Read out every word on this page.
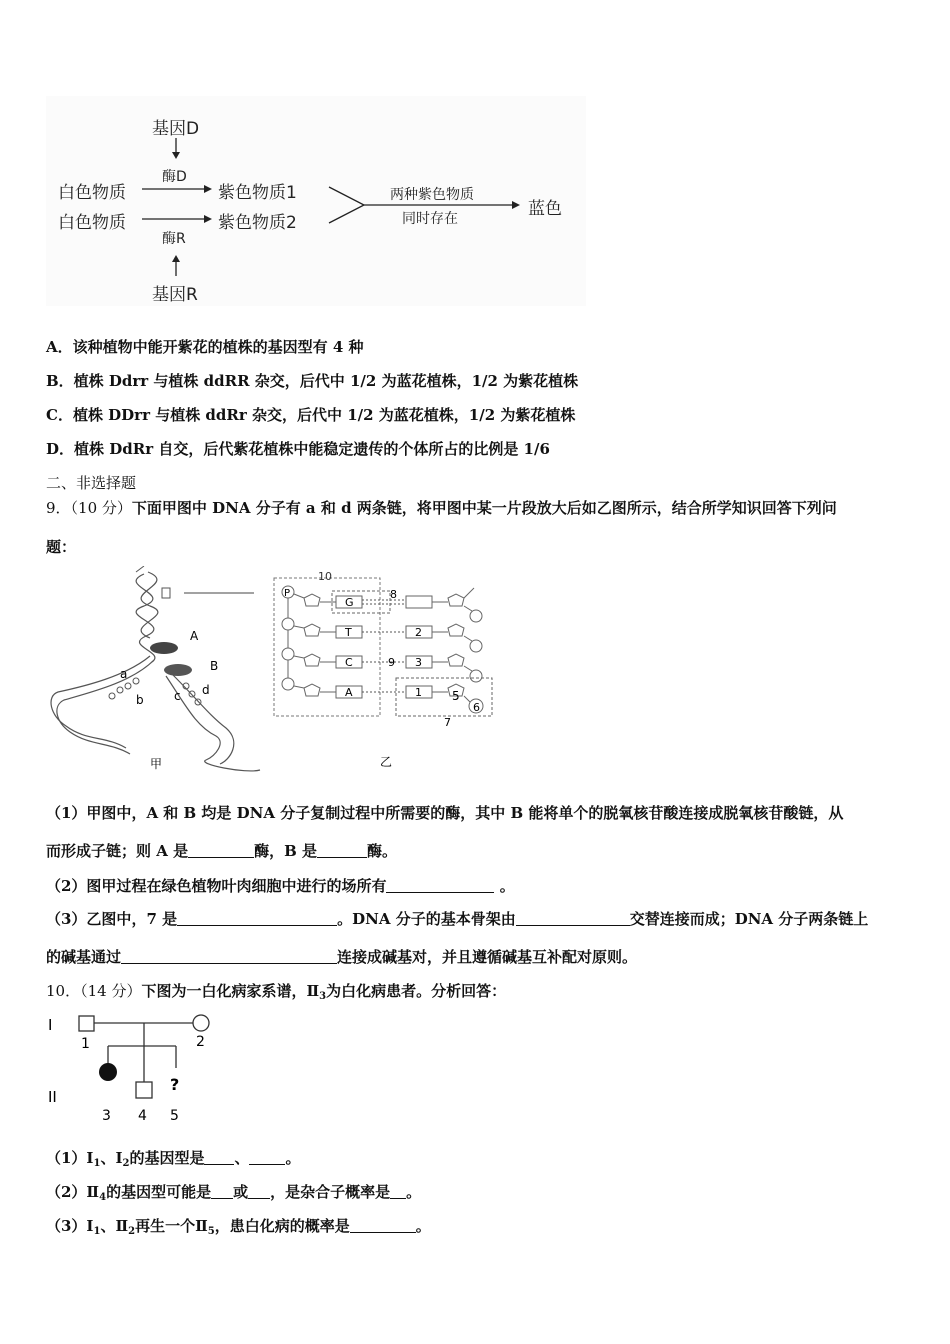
基因D
酶D
白色物质
白色物质
紫色物质1
紫色物质2
酶R
基因R
两种紫色物质
同时存在	蓝色
A．该种植物中能开紫花的植株的基因型有 4 种
B．植株 Ddrr 与植株 ddRR 杂交，后代中 1/2 为蓝花植株，1/2 为紫花植株
C．植株 DDrr 与植株 ddRr 杂交，后代中 1/2 为蓝花植株，1/2 为紫花植株
D．植株 DdRr 自交，后代紫花植株中能稳定遗传的个体所占的比例是 1/6
二、非选择题
9．（10 分）下面甲图中 DNA 分子有 a 和 d 两条链，将甲图中某一片段放大后如乙图所示，结合所学知识回答下列问
题：
A
B
a
b	c d
甲
10
P
G
T
C
A
8
9
2
3
1	5
6
7
乙
（1）甲图中，A 和 B 均是 DNA 分子复制过程中所需要的酶，其中 B 能将单个的脱氧核苷酸连接成脱氧核苷酸链，从
而形成子链；则 A 是	酶，B 是	酶。
（2）图甲过程在绿色植物叶肉细胞中进行的场所有	。
（3）乙图中，7 是	。DNA 分子的基本骨架由	交替连接而成；DNA 分子两条链上
的碱基通过	连接成碱基对，并且遵循碱基互补配对原则。
10．（14 分）下图为一白化病家系谱，$Ⅱ_3$为白化病患者。分析回答：
I
II
1	2
3 4 5
?
$(1)Ⅰ_1$、$Ⅰ_2$的基因型是 、 。
$(2)Ⅱ_4$的基因型可能是 或 ，是杂合子概率是 。
$(3)Ⅰ_1$、$Ⅱ_2$再生一个$Ⅱ_5$，患白化病的概率是	。
